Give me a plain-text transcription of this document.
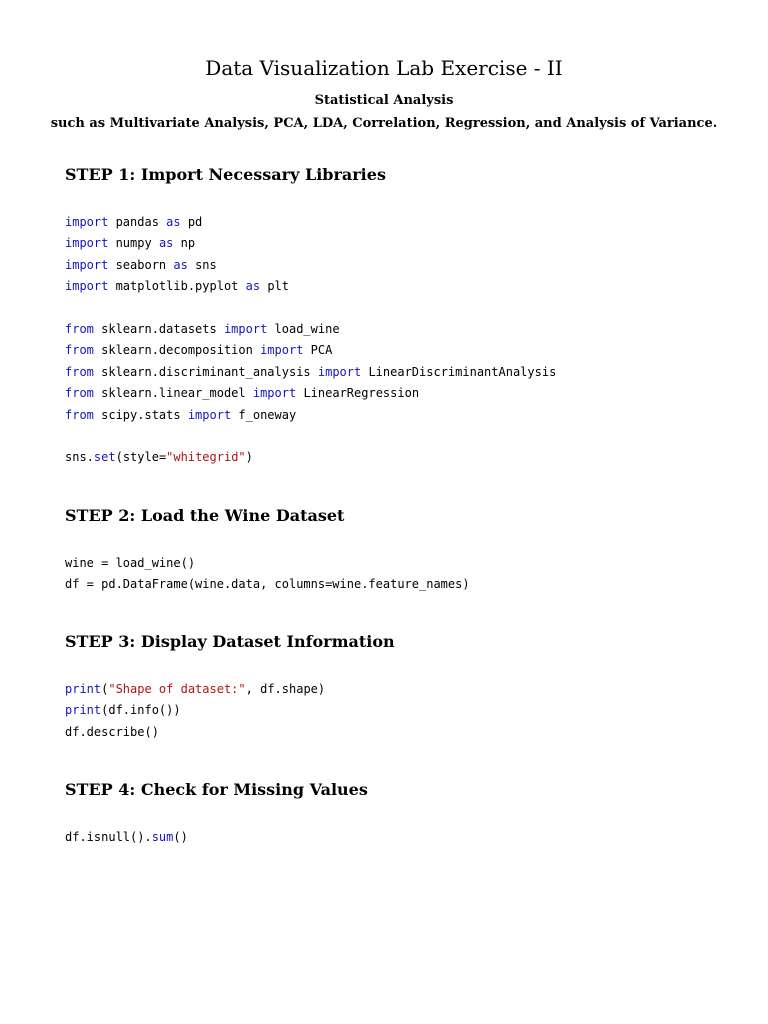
Data Visualization Lab Exercise - II

Statistical Analysis

such as Multivariate Analysis, PCA, LDA, Correlation, Regression, and Analysis of Variance.

STEP 1: Import Necessary Libraries
import pandas as pd
import numpy as np
import seaborn as sns
import matplotlib.pyplot as plt

from sklearn.datasets import load_wine
from sklearn.decomposition import PCA
from sklearn.discriminant_analysis import LinearDiscriminantAnalysis
from sklearn.linear_model import LinearRegression
from scipy.stats import f_oneway

sns.set(style="whitegrid")
STEP 2: Load the Wine Dataset
wine = load_wine()
df = pd.DataFrame(wine.data, columns=wine.feature_names)
STEP 3: Display Dataset Information
print("Shape of dataset:", df.shape)
print(df.info())
df.describe()
STEP 4: Check for Missing Values
df.isnull().sum()
